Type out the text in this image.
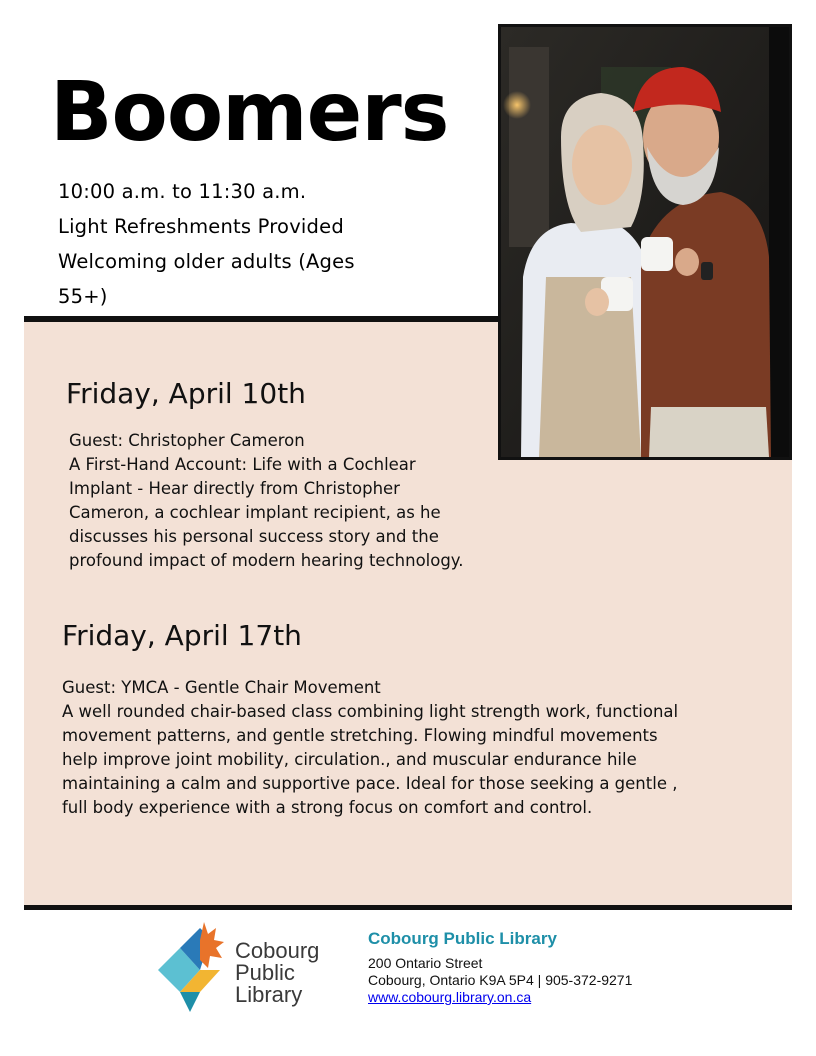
Boomers
10:00 a.m. to 11:30 a.m.
Light Refreshments Provided
Welcoming older adults (Ages
55+)
Friday, April 10th

Guest: Christopher Cameron

A First-Hand Account: Life with a Cochlear

Implant - Hear directly from Christopher

Cameron, a cochlear implant recipient, as he

discusses his personal success story and the

profound impact of modern hearing technology.

Friday, April 17th

Guest: YMCA - Gentle Chair Movement

A well rounded chair-based class combining light strength work, functional

movement patterns, and gentle stretching. Flowing mindful movements

help improve joint mobility, circulation., and muscular endurance hile

maintaining a calm and supportive pace. Ideal for those seeking a gentle ,

full body experience with a strong focus on comfort and control.

Cobourg
Public
Library
Cobourg Public Library
200 Ontario Street
Cobourg, Ontario K9A 5P4 | 905-372-9271
www.cobourg.library.on.ca
